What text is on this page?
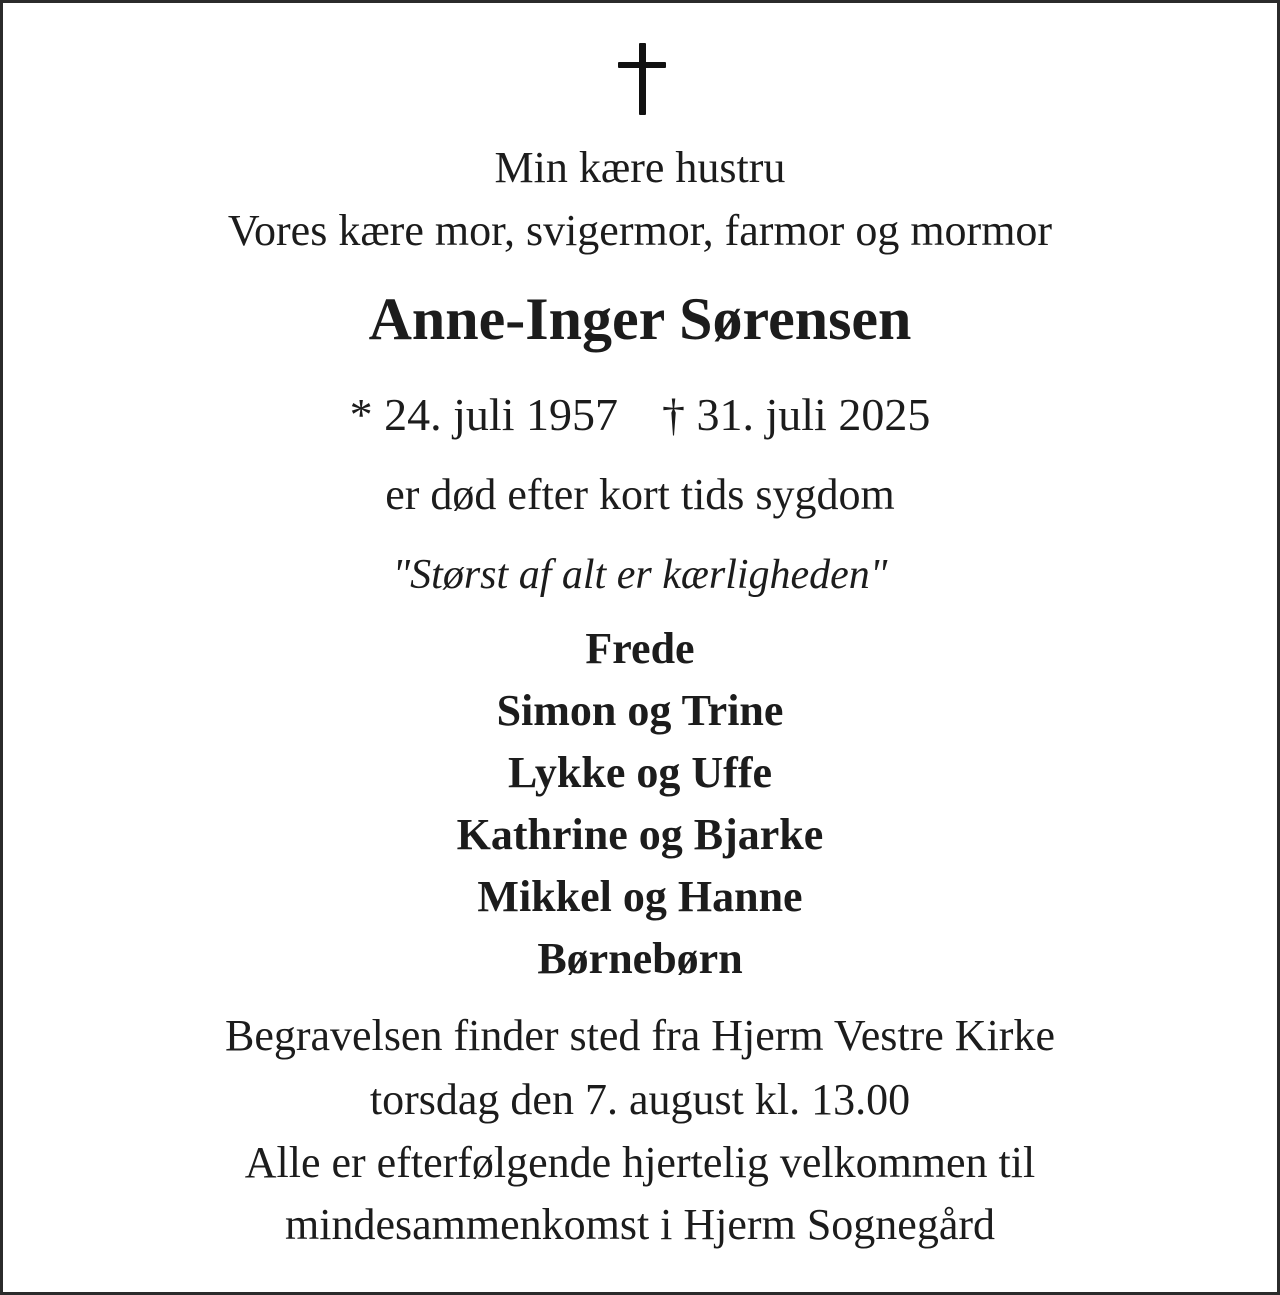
Min kære hustru
Vores kære mor, svigermor, farmor og mormor
Anne-Inger Sørensen
* 24. juli 1957 † 31. juli 2025
er død efter kort tids sygdom
"Størst af alt er kærligheden"
Frede
Simon og Trine
Lykke og Uffe
Kathrine og Bjarke
Mikkel og Hanne
Børnebørn
Begravelsen finder sted fra Hjerm Vestre Kirke
torsdag den 7. august kl. 13.00
Alle er efterfølgende hjertelig velkommen til
mindesammenkomst i Hjerm Sognegård
